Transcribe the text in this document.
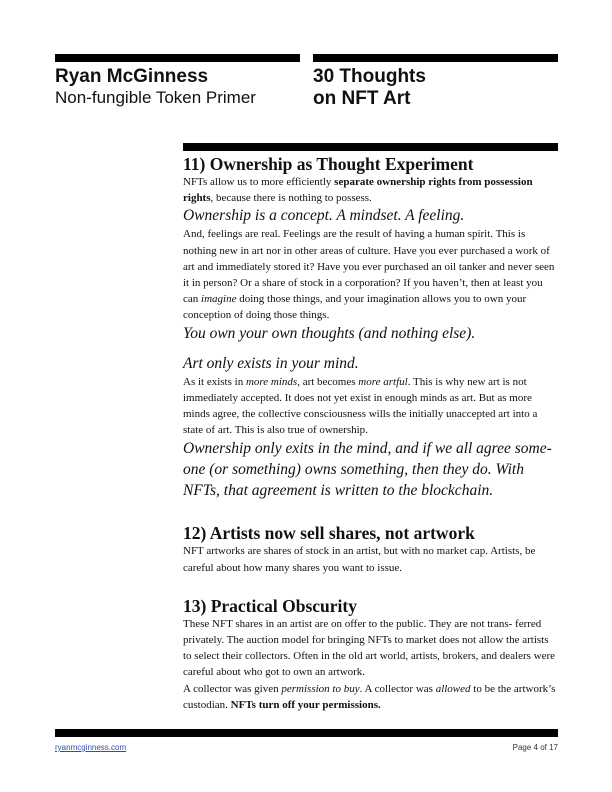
Ryan McGinness
Non-fungible Token Primer
30 Thoughts
on NFT Art
11) Ownership as Thought Experiment

NFTs allow us to more efficiently separate ownership rights from possession rights, because there is nothing to possess.

Ownership is a concept. A mindset. A feeling.

And, feelings are real. Feelings are the result of having a human spirit. This is nothing new in art nor in other areas of culture. Have you ever purchased a work of art and immediately stored it? Have you ever purchased an oil tanker and never seen it in person? Or a share of stock in a corporation? If you haven’t, then at least you can imagine doing those things, and your imagination allows you to own your conception of doing those things.

You own your own thoughts (and nothing else).

Art only exists in your mind.

As it exists in more minds, art becomes more artful. This is why new art is not immediately accepted. It does not yet exist in enough minds as art. But as more minds agree, the collective consciousness wills the initially unaccepted art into a state of art. This is also true of ownership.

Ownership only exits in the mind, and if we all agree some- one (or something) owns something, then they do. With NFTs, that agreement is written to the blockchain.

12) Artists now sell shares, not artwork

NFT artworks are shares of stock in an artist, but with no market cap. Artists, be careful about how many shares you want to issue.

13) Practical Obscurity

These NFT shares in an artist are on offer to the public. They are not trans- ferred privately. The auction model for bringing NFTs to market does not allow the artists to select their collectors. Often in the old art world, artists, brokers, and dealers were careful about who got to own an artwork.

A collector was given permission to buy. A collector was allowed to be the artwork’s custodian. NFTs turn off your permissions.

ryanmcginness.com	Page 4 of 17
